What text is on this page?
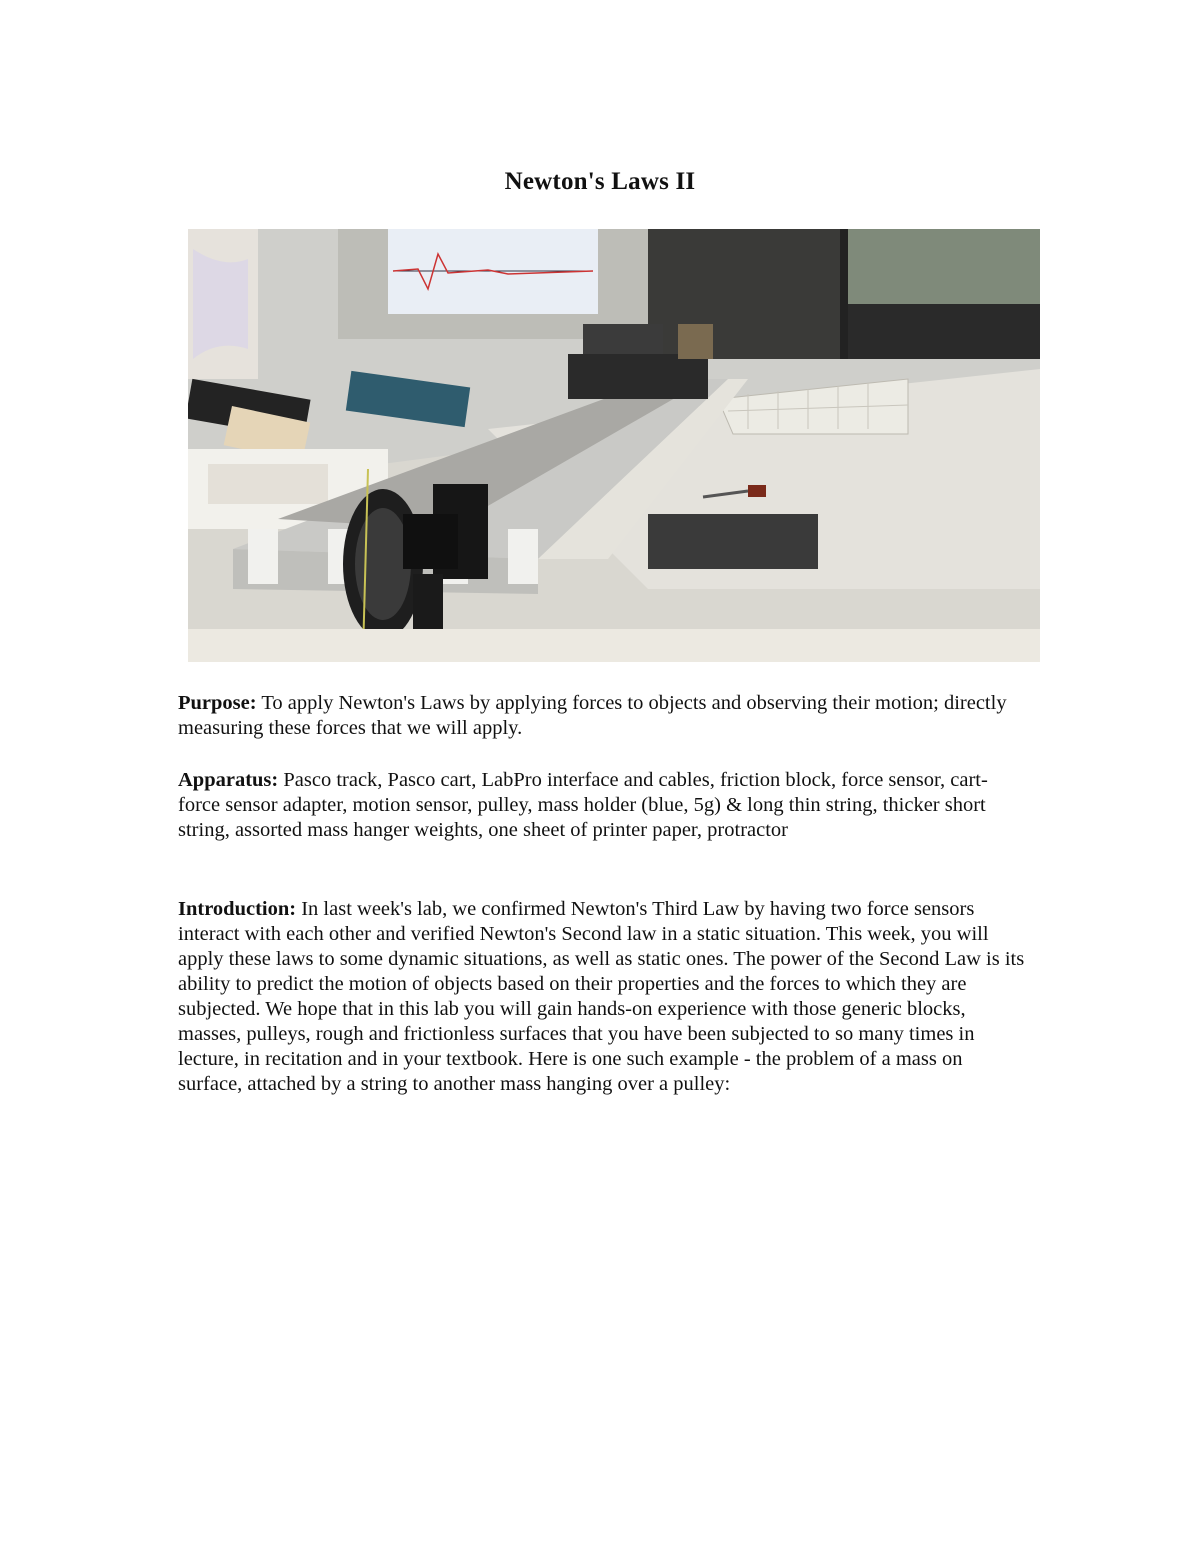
Newton's Laws II
Purpose: To apply Newton's Laws by applying forces to objects and observing their motion; directly measuring these forces that we will apply.
Apparatus: Pasco track, Pasco cart, LabPro interface and cables, friction block, force sensor, cart-force sensor adapter, motion sensor, pulley, mass holder (blue, 5g) & long thin string, thicker short string, assorted mass hanger weights, one sheet of printer paper, protractor
Introduction: In last week's lab, we confirmed Newton's Third Law by having two force sensors interact with each other and verified Newton's Second law in a static situation. This week, you will apply these laws to some dynamic situations, as well as static ones. The power of the Second Law is its ability to predict the motion of objects based on their properties and the forces to which they are subjected. We hope that in this lab you will gain hands-on experience with those generic blocks, masses, pulleys, rough and frictionless surfaces that you have been subjected to so many times in lecture, in recitation and in your textbook. Here is one such example - the problem of a mass on surface, attached by a string to another mass hanging over a pulley:
